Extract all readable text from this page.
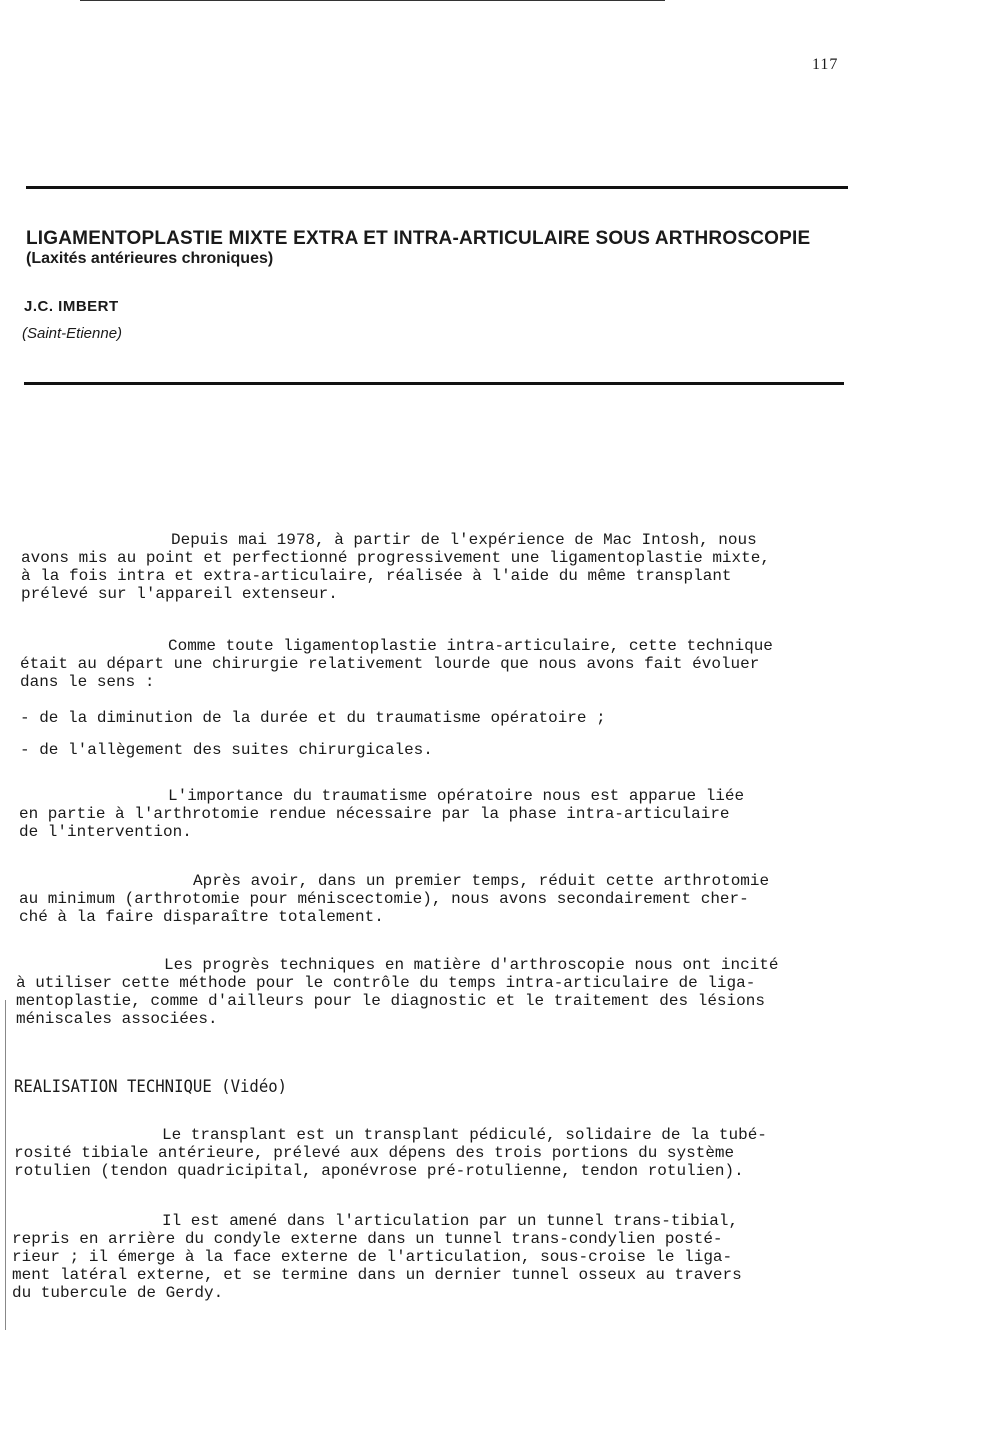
117
LIGAMENTOPLASTIE MIXTE EXTRA ET INTRA-ARTICULAIRE SOUS ARTHROSCOPIE
(Laxités antérieures chroniques)
J.C. IMBERT
(Saint-Etienne)

Depuis mai 1978, à partir de l'expérience de Mac Intosh, nous
avons mis au point et perfectionné progressivement une ligamentoplastie mixte,
à la fois intra et extra-articulaire, réalisée à l'aide du même transplant
prélevé sur l'appareil extenseur.

Comme toute ligamentoplastie intra-articulaire, cette technique
était au départ une chirurgie relativement lourde que nous avons fait évoluer
dans le sens :

- de la diminution de la durée et du traumatisme opératoire ;

- de l'allègement des suites chirurgicales.

L'importance du traumatisme opératoire nous est apparue liée
en partie à l'arthrotomie rendue nécessaire par la phase intra-articulaire
de l'intervention.

Après avoir, dans un premier temps, réduit cette arthrotomie
au minimum (arthrotomie pour méniscectomie), nous avons secondairement cher-
ché à la faire disparaître totalement.

Les progrès techniques en matière d'arthroscopie nous ont incité
à utiliser cette méthode pour le contrôle du temps intra-articulaire de liga-
mentoplastie, comme d'ailleurs pour le diagnostic et le traitement des lésions
méniscales associées.

REALISATION TECHNIQUE (Vidéo)

Le transplant est un transplant pédiculé, solidaire de la tubé-
rosité tibiale antérieure, prélevé aux dépens des trois portions du système
rotulien (tendon quadricipital, aponévrose pré-rotulienne, tendon rotulien).

Il est amené dans l'articulation par un tunnel trans-tibial,
repris en arrière du condyle externe dans un tunnel trans-condylien posté-
rieur ; il émerge à la face externe de l'articulation, sous-croise le liga-
ment latéral externe, et se termine dans un dernier tunnel osseux au travers
du tubercule de Gerdy.
